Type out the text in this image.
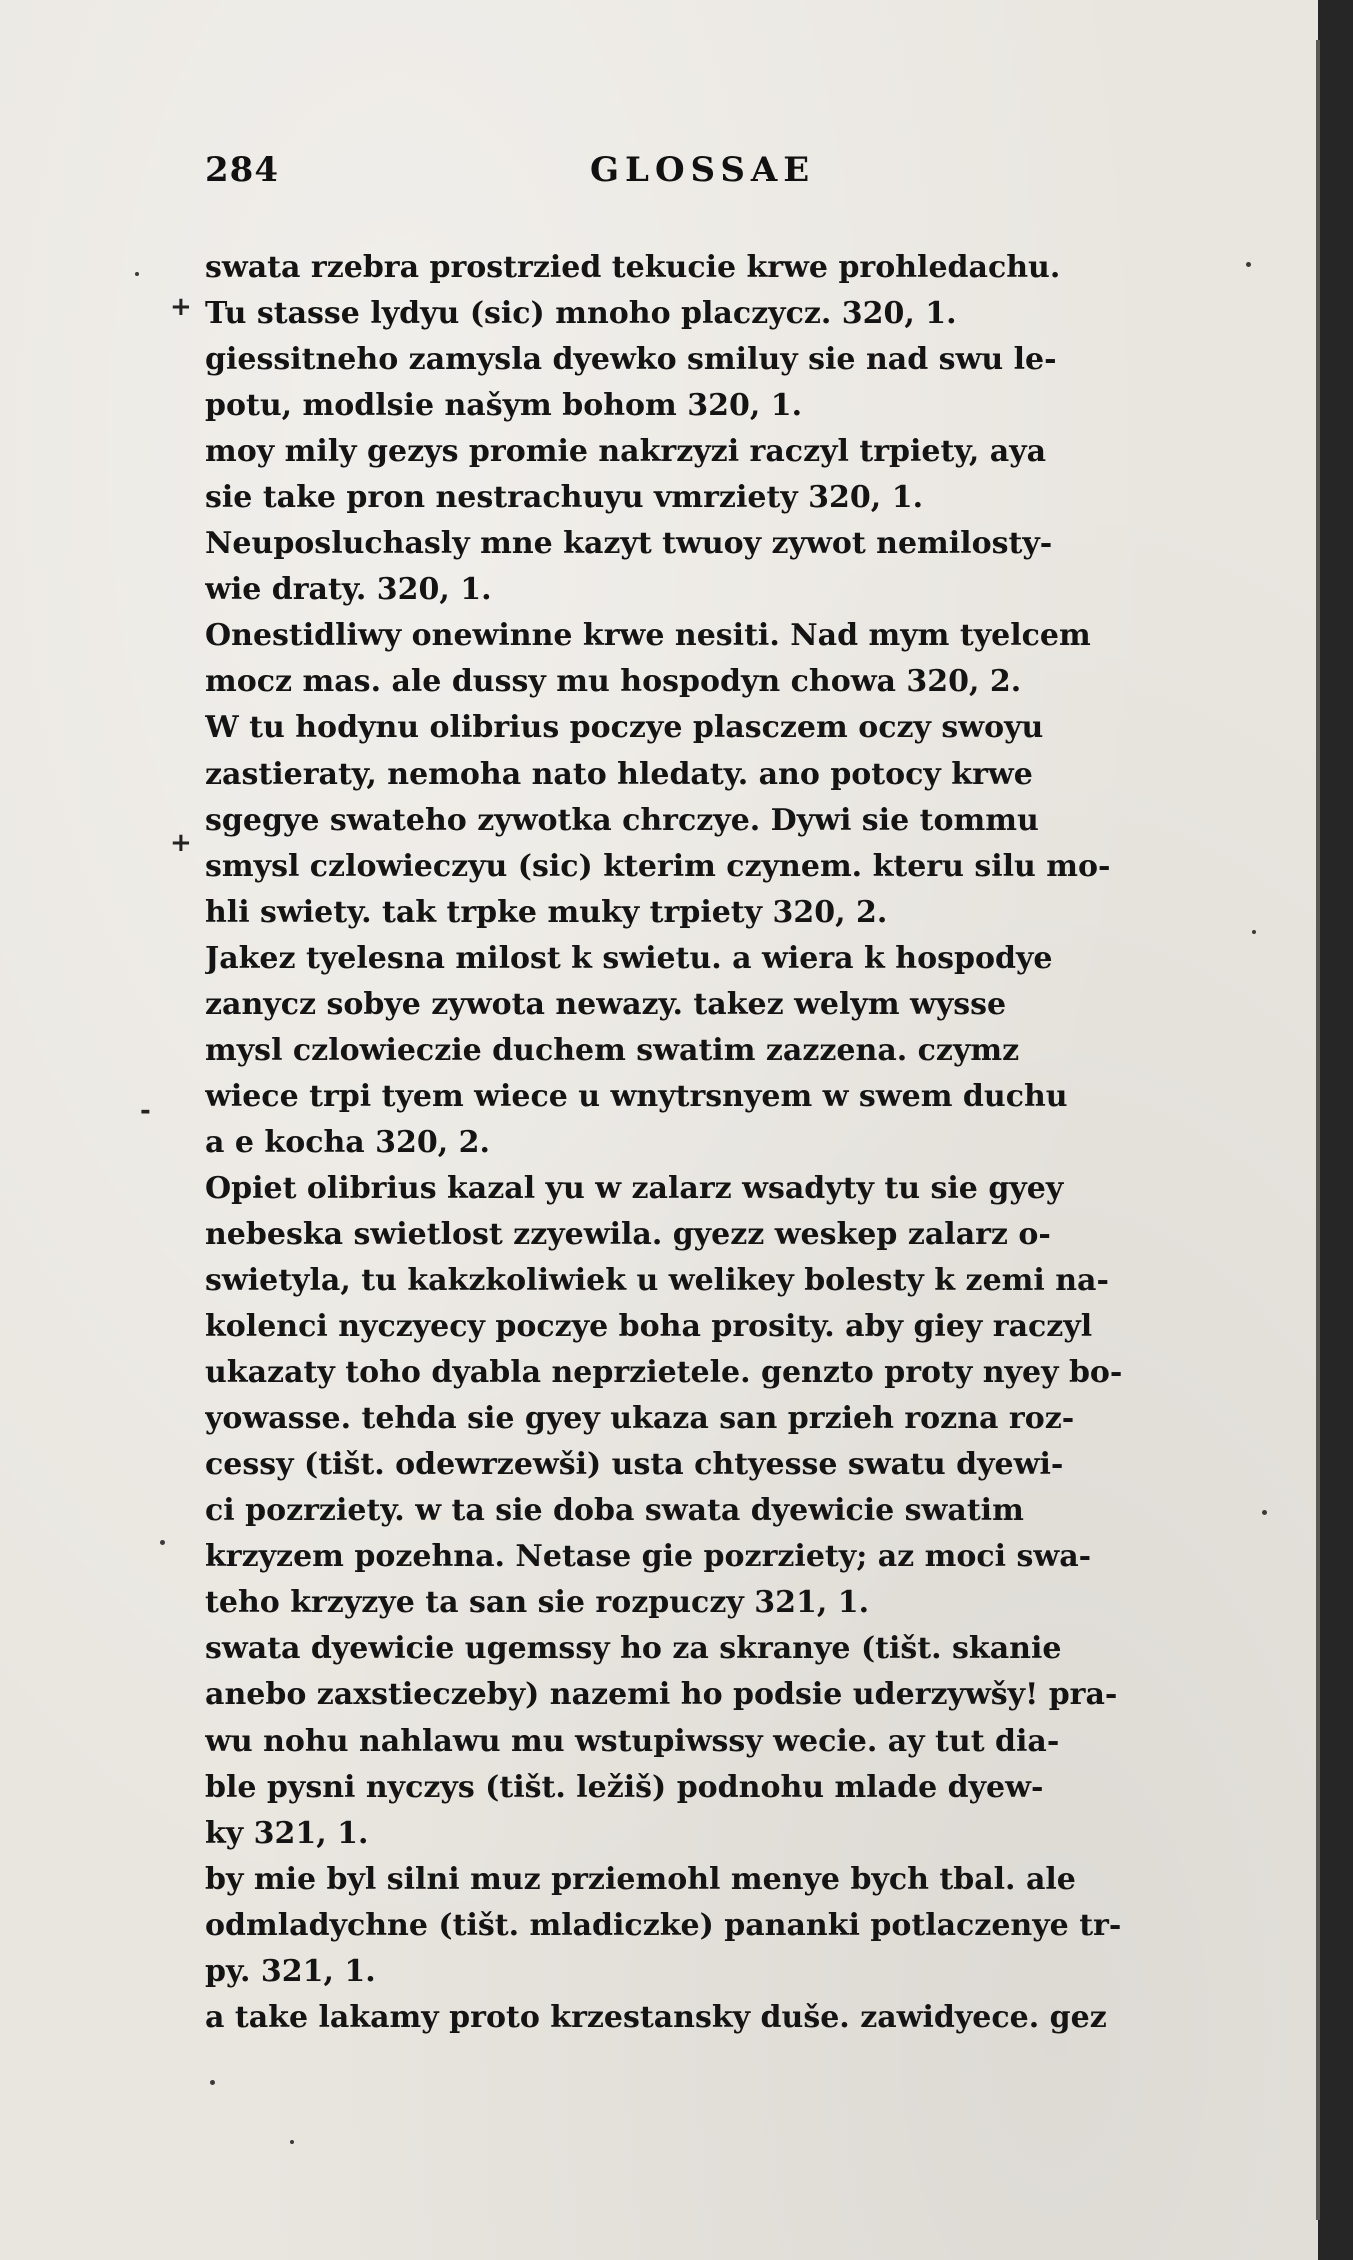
284	GLOSSAE
swata rzebra prostrzied tekucie krwe prohledachu.
Tu stasse lydyu (sic) mnoho placzycz. 320, 1.
giessitneho zamysla dyewko smiluy sie nad swu le-
potu, modlsie našym bohom 320, 1.
moy mily gezys promie nakrzyzi raczyl trpiety, aya
sie take pron nestrachuyu vmrziety 320, 1.
Neuposluchasly mne kazyt twuoy zywot nemilosty-
wie draty. 320, 1.
Onestidliwy onewinne krwe nesiti. Nad mym tyelcem
mocz mas. ale dussy mu hospodyn chowa 320, 2.
W tu hodynu olibrius poczye plasczem oczy swoyu
zastieraty, nemoha nato hledaty. ano potocy krwe
sgegye swateho zywotka chrczye. Dywi sie tommu
smysl czlowieczyu (sic) kterim czynem. kteru silu mo-
hli swiety. tak trpke muky trpiety 320, 2.
Jakez tyelesna milost k swietu. a wiera k hospodye
zanycz sobye zywota newazy. takez welym wysse
mysl czlowieczie duchem swatim zazzena. czymz
wiece trpi tyem wiece u wnytrsnyem w swem duchu
a e kocha 320, 2.
Opiet olibrius kazal yu w zalarz wsadyty tu sie gyey
nebeska swietlost zzyewila. gyezz weskep zalarz o-
swietyla, tu kakzkoliwiek u welikey bolesty k zemi na-
kolenci nyczyecy poczye boha prosity. aby giey raczyl
ukazaty toho dyabla neprzietele. genzto proty nyey bo-
yowasse. tehda sie gyey ukaza san przieh rozna roz-
cessy (tišt. odewrzewši) usta chtyesse swatu dyewi-
ci pozrziety. w ta sie doba swata dyewicie swatim
krzyzem pozehna. Netase gie pozrziety; az moci swa-
teho krzyzye ta san sie rozpuczy 321, 1.
swata dyewicie ugemssy ho za skranye (tišt. skanie
anebo zaxstieczeby) nazemi ho podsie uderzywšy! pra-
wu nohu nahlawu mu wstupiwssy wecie. ay tut dia-
ble pysni nyczys (tišt. ležiš) podnohu mlade dyew-
ky 321, 1.
by mie byl silni muz prziemohl menye bych tbal. ale
odmladychne (tišt. mladiczke) pananki potlaczenye tr-
py. 321, 1.
a take lakamy proto krzestansky duše. zawidyece. gez
+
+
-
